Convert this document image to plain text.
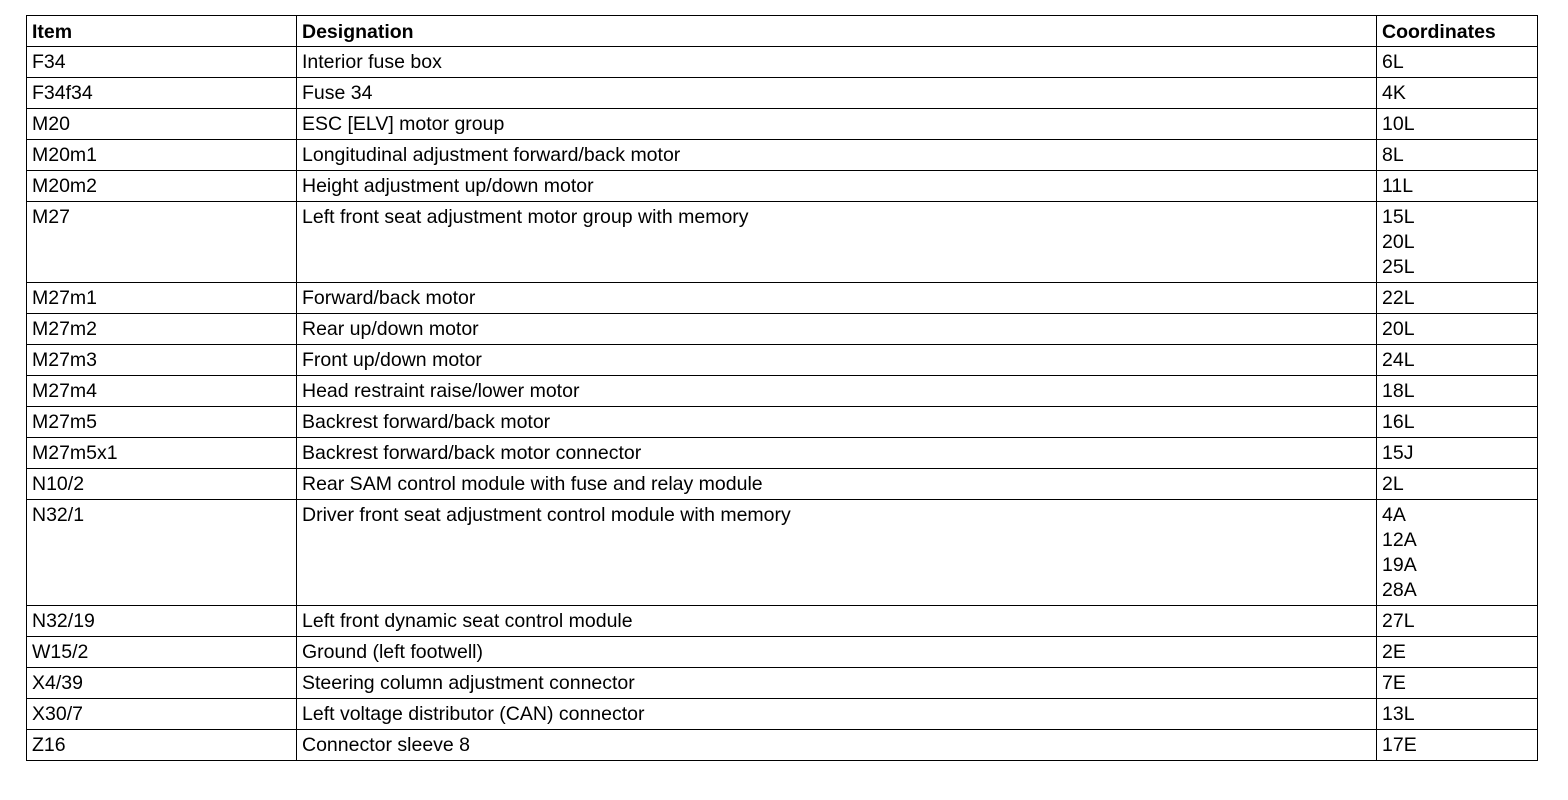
Item	Designation	Coordinates
F34	Interior fuse box	6L

F34f34	Fuse 34	4K

M20	ESC [ELV] motor group	10L

M20m1	Longitudinal adjustment forward/back motor	8L

M20m2	Height adjustment up/down motor	11L

M27	Left front seat adjustment motor group with memory	15L
20L
25L

M27m1	Forward/back motor	22L

M27m2	Rear up/down motor	20L

M27m3	Front up/down motor	24L

M27m4	Head restraint raise/lower motor	18L

M27m5	Backrest forward/back motor	16L

M27m5x1	Backrest forward/back motor connector	15J

N10/2	Rear SAM control module with fuse and relay module	2L

N32/1	Driver front seat adjustment control module with memory	4A
12A
19A
28A

N32/19	Left front dynamic seat control module	27L

W15/2	Ground (left footwell)	2E

X4/39	Steering column adjustment connector	7E

X30/7	Left voltage distributor (CAN) connector	13L

Z16	Connector sleeve 8	17E
